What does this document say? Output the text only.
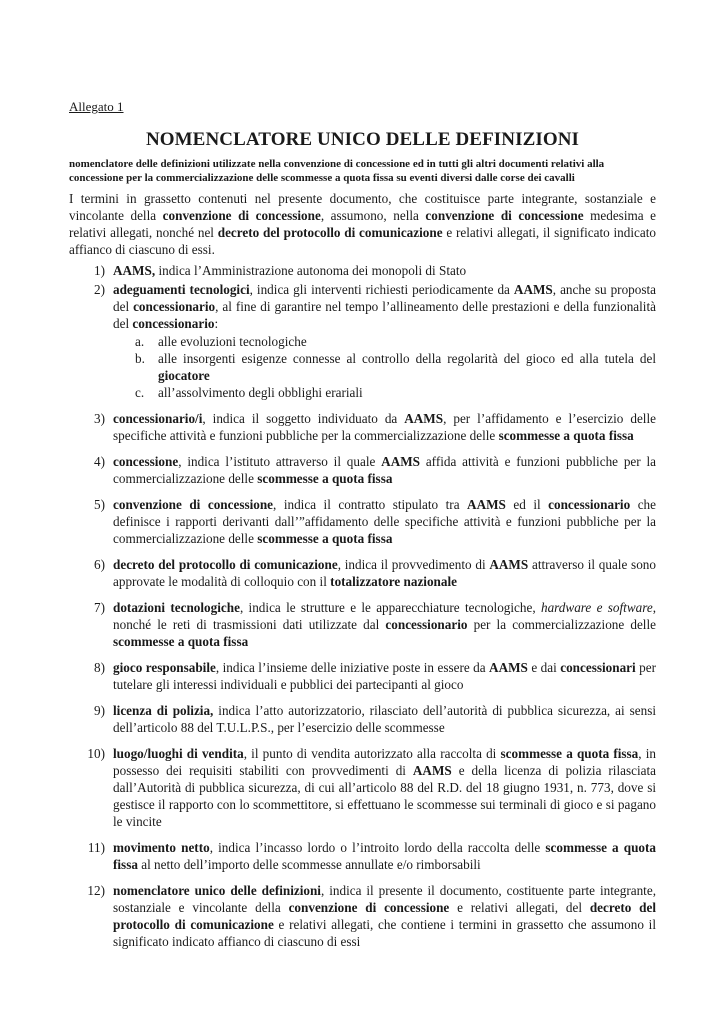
Allegato 1
NOMENCLATORE UNICO DELLE DEFINIZIONI
nomenclatore delle definizioni utilizzate nella convenzione di concessione ed in tutti gli altri documenti relativi alla concessione per la commercializzazione delle scommesse a quota fissa su eventi diversi dalle corse dei cavalli

I termini in grassetto contenuti nel presente documento, che costituisce parte integrante, sostanziale e vincolante della convenzione di concessione, assumono, nella convenzione di concessione medesima e relativi allegati, nonché nel decreto del protocollo di comunicazione e relativi allegati, il significato indicato affianco di ciascuno di essi.

1) AAMS, indica l’Amministrazione autonoma dei monopoli di Stato
2) adeguamenti tecnologici, indica gli interventi richiesti periodicamente da AAMS, anche su proposta del concessionario, al fine di garantire nel tempo l’allineamento delle prestazioni e della funzionalità del concessionario:
a. alle evoluzioni tecnologiche
b. alle insorgenti esigenze connesse al controllo della regolarità del gioco ed alla tutela del giocatore
c. all’assolvimento degli obblighi erariali
3) concessionario/i, indica il soggetto individuato da AAMS, per l’affidamento e l’esercizio delle specifiche attività e funzioni pubbliche per la commercializzazione delle scommesse a quota fissa
4) concessione, indica l’istituto attraverso il quale AAMS affida attività e funzioni pubbliche per la commercializzazione delle scommesse a quota fissa
5) convenzione di concessione, indica il contratto stipulato tra AAMS ed il concessionario che definisce i rapporti derivanti dall’”affidamento delle specifiche attività e funzioni pubbliche per la commercializzazione delle scommesse a quota fissa
6) decreto del protocollo di comunicazione, indica il provvedimento di AAMS attraverso il quale sono approvate le modalità di colloquio con il totalizzatore nazionale
7) dotazioni tecnologiche, indica le strutture e le apparecchiature tecnologiche, hardware e software, nonché le reti di trasmissioni dati utilizzate dal concessionario per la commercializzazione delle scommesse a quota fissa
8) gioco responsabile, indica l’insieme delle iniziative poste in essere da AAMS e dai concessionari per tutelare gli interessi individuali e pubblici dei partecipanti al gioco
9) licenza di polizia, indica l’atto autorizzatorio, rilasciato dell’autorità di pubblica sicurezza, ai sensi dell’articolo 88 del T.U.L.P.S., per l’esercizio delle scommesse
10) luogo/luoghi di vendita, il punto di vendita autorizzato alla raccolta di scommesse a quota fissa, in possesso dei requisiti stabiliti con provvedimenti di AAMS e della licenza di polizia rilasciata dall’Autorità di pubblica sicurezza, di cui all’articolo 88 del R.D. del 18 giugno 1931, n. 773, dove si gestisce il rapporto con lo scommettitore, si effettuano le scommesse sui terminali di gioco e si pagano le vincite
11) movimento netto, indica l’incasso lordo o l’introito lordo della raccolta delle scommesse a quota fissa al netto dell’importo delle scommesse annullate e/o rimborsabili
12) nomenclatore unico delle definizioni, indica il presente il documento, costituente parte integrante, sostanziale e vincolante della convenzione di concessione e relativi allegati, del decreto del protocollo di comunicazione e relativi allegati, che contiene i termini in grassetto che assumono il significato indicato affianco di ciascuno di essi
